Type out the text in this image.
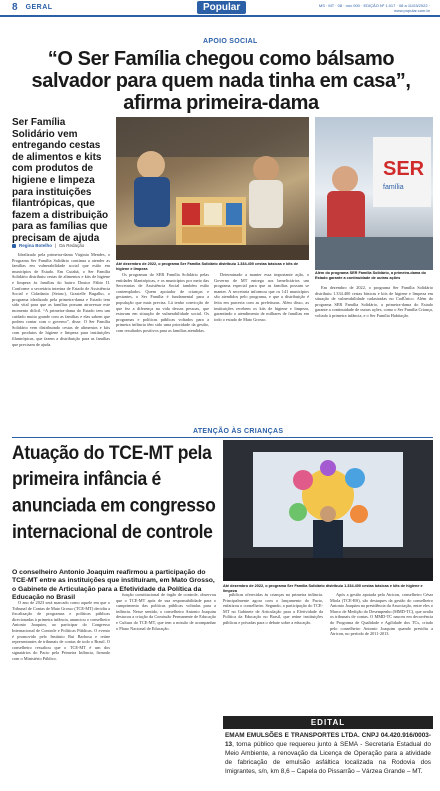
8 GERAL	Popular	MS · MT · 08 · nov 000 · EDIÇÃO Nº 1.017 · 08 a 11/03/2022 · www.popular.com.br
APOIO SOCIAL
“O Ser Família chegou como bálsamo salvador para quem nada tinha em casa”, afirma primeira-dama
Ser Família Solidário vem entregando cestas de alimentos e kits com produtos de higiene e limpeza para instituições filantrópicas, que fazem a distribuição para as famílias que precisam de ajuda
Regina Botelho | Da Redação

Idealizado pela primeira-dama Virginia Mendes, o Programa Ser Família Solidário continua a atender as famílias em vulnerabilidade social que estão em municípios de Estado. Em Cuiabá, o Ser Família Solidário distribuiu cestas de alimentos e kits de higiene e limpeza às famílias do bairro Doutor Fábio II. Conforme a secretária interina de Estado de Assistência Social e Cidadania (Setasc), Grasielle Bugalho, o programa idealizado pela primeira-dama e Estado tem sido vital para que as famílias possam atravessar este momento difícil. “A primeira-dama do Estado tem um cuidado muito grande com as famílias e elas sabem que podem contar com o governo”, disse. O Ser Família Solidário vem distribuindo cestas de alimentos e kits com produtos de higiene e limpeza para instituições filantrópicas, que fazem a distribuição para as famílias que precisam de ajuda.

Até dezembro de 2022, o programa Ser Família Solidário distribuiu 1.334.400 cestas básicas e kits de higiene e limpeza
SER
família
Além do programa SER Família Solidário, a primeira-dama do Estado garante a continuidade de outras ações

Os programas do SER Família Solidário pelas entidades filantrópicas, e os municípios por meio das Secretarias de Assistência Social também estão contemplados. Quem apoiador de crianças e gestantes, o Ser Família é fundamental para a população que mais precisa. Lá tenho convicção de que fez a diferença na vida dessas pessoas, que estavam em situação de vulnerabilidade social. Os programas e políticas públicas voltados para a primeira infância têm sido uma prioridade da gestão, com resultados positivos para as famílias atendidas.

Determinado a manter essa importante ação, o Governo de MT entrega aos beneficiários um programa especial para que as famílias possam se manter. A secretaria informou que os 141 municípios são atendidos pelo programa, e que a distribuição é feita em parceria com as prefeituras. Além disso, as instituições recebem os kits de higiene e limpeza, garantindo o atendimento de milhares de famílias em todo o estado de Mato Grosso.

Em dezembro de 2022, o programa Ser Família Solidário distribuiu 1.334.400 cestas básicas e kits de higiene e limpeza em situação de vulnerabilidade cadastradas no CadÚnico. Além do programa SER Família Solidário, a primeira-dama do Estado garante a continuidade de outras ações, como o Ser Família Criança, voltado à primeira infância, e o Ser Família Habitação.

ATENÇÃO ÀS CRIANÇAS
Atuação do TCE-MT pela primeira infância é anunciada em congresso internacional de controle
O conselheiro Antonio Joaquim reafirmou a participação do TCE-MT entre as instituições que instituíram, em Mato Grosso, o Gabinete de Articulação para a Efetividade da Política da Educação no Brasil
Até dezembro de 2022, o programa Ser Família Solidário distribuiu 1.334.400 cestas básicas e kits de higiene e limpeza

O ano de 2023 será marcado como aquele em que o Tribunal de Contas de Mato Grosso (TCE-MT) decidiu a fiscalização de programas e políticas públicas direcionadas à primeira infância, anunciou o conselheiro Antonio Joaquim, ao participar do Congresso Internacional de Controle e Políticas Públicas. O evento é promovido pelo Instituto Rui Barbosa e reúne representantes de tribunais de contas de todo o Brasil. O conselheiro ressaltou que o TCE-MT é um dos signatários do Pacto pela Primeira Infância, firmado com o Ministério Público.

função constitucional de órgão de controle, observou que o TCE-MT após de sua responsabilidade para o cumprimento das políticas públicas voltadas para a infância. Nesse sentido, o conselheiro Antonio Joaquim destacou a criação da Comissão Permanente de Educação e Cultura do TCE-MT, que tem a missão de acompanhar o Plano Nacional de Educação.

públicas oferecidas às crianças na primeira infância. Principalmente agora com o lançamento do Pacto, enfatizou o conselheiro. Segundo, a participação do TCE-MT no Gabinete de Articulação para a Efetividade da Política da Educação no Brasil, que reúne instituições públicas e privadas para o debate sobre a educação.

Após a gestão apoiada pela Atricon, conselheiro César Miola (TCE-RS), são destaques da gestão do conselheiro Antonio Joaquim na presidência da Associação, entre eles o Marco de Medição do Desempenho (MMD-TC), que avalia os tribunais de contas. O MMD-TC nasceu em decorrência do Programa de Qualidade e Agilidade dos TCs, criado pelo conselheiro Antonio Joaquim quando presidiu a Atricon, no período de 2011-2013.

EDITAL
EMAM EMULSÕES E TRANSPORTES LTDA. CNPJ 04.420.916/0003-13, torna público que requereu junto à SEMA - Secretaria Estadual do Meio Ambiente, a renovação da Licença de Operação para a atividade de fabricação de emulsão asfáltica localizada na Rodovia dos Imigrantes, s/n, km 8,6 – Capela do Pissarrão – Várzea Grande – MT.
